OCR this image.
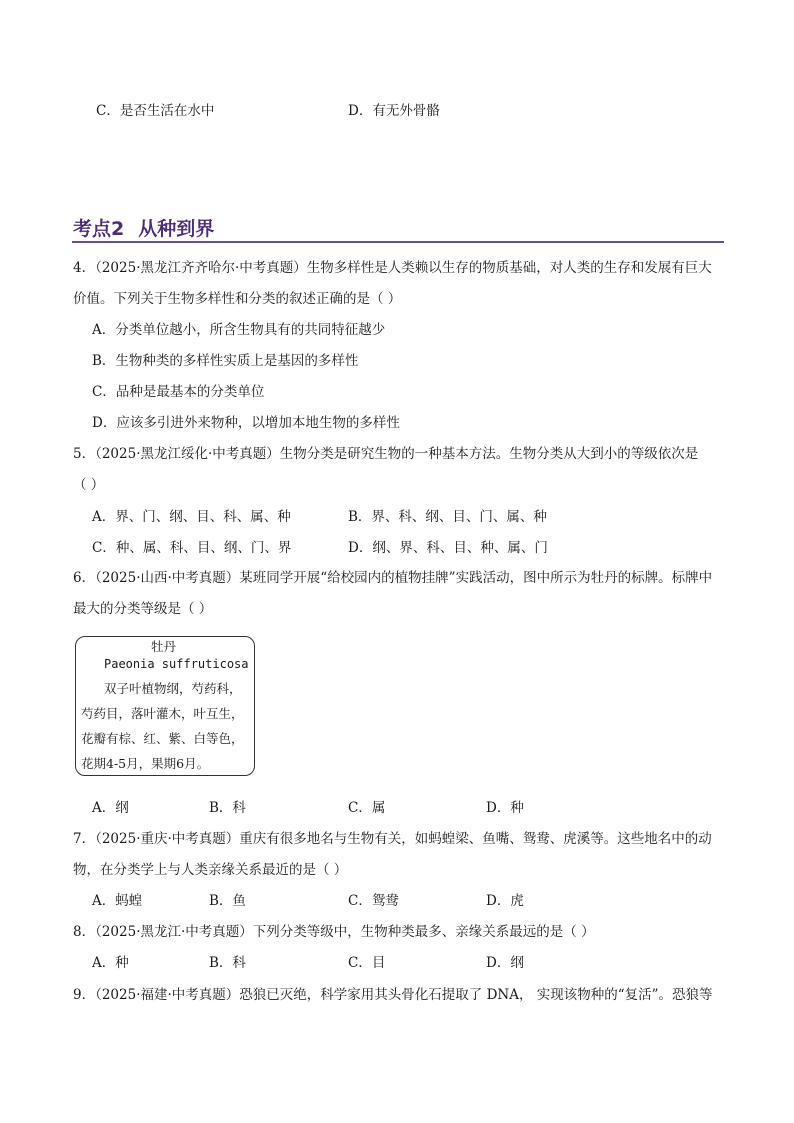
C．是否生活在水中	D．有无外骨骼
考点2 从种到界
4．（2025·黑龙江齐齐哈尔·中考真题）生物多样性是人类赖以生存的物质基础，对人类的生存和发展有巨大
价值。下列关于生物多样性和分类的叙述正确的是（ ）
A．分类单位越小，所含生物具有的共同特征越少
B．生物种类的多样性实质上是基因的多样性
C．品种是最基本的分类单位
D．应该多引进外来物种，以增加本地生物的多样性
5．（2025·黑龙江绥化·中考真题）生物分类是研究生物的一种基本方法。生物分类从大到小的等级依次是
（ ）
A．界、门、纲、目、科、属、种	B．界、科、纲、目、门、属、种
C．种、属、科、目、纲、门、界	D．纲、界、科、目、种、属、门
6．（2025·山西·中考真题）某班同学开展“给校园内的植物挂牌”实践活动，图中所示为牡丹的标牌。标牌中
最大的分类等级是（ ）
牡丹
Paeonia suffruticosa
双子叶植物纲，芍药科，
芍药目，落叶灌木，叶互生，
花瓣有棕、红、紫、白等色，
花期4-5月，果期6月。
A．纲	B．科	C．属	D．种
7．（2025·重庆·中考真题）重庆有很多地名与生物有关，如蚂蝗梁、鱼嘴、鸳鸯、虎溪等。这些地名中的动
物，在分类学上与人类亲缘关系最近的是（ ）
A．蚂蝗	B．鱼	C．鸳鸯	D．虎
8．（2025·黑龙江·中考真题）下列分类等级中，生物种类最多、亲缘关系最远的是（ ）
A．种	B．科	C．目	D．纲
9．（2025·福建·中考真题）恐狼已灭绝，科学家用其头骨化石提取了 DNA， 实现该物种的“复活”。恐狼等
